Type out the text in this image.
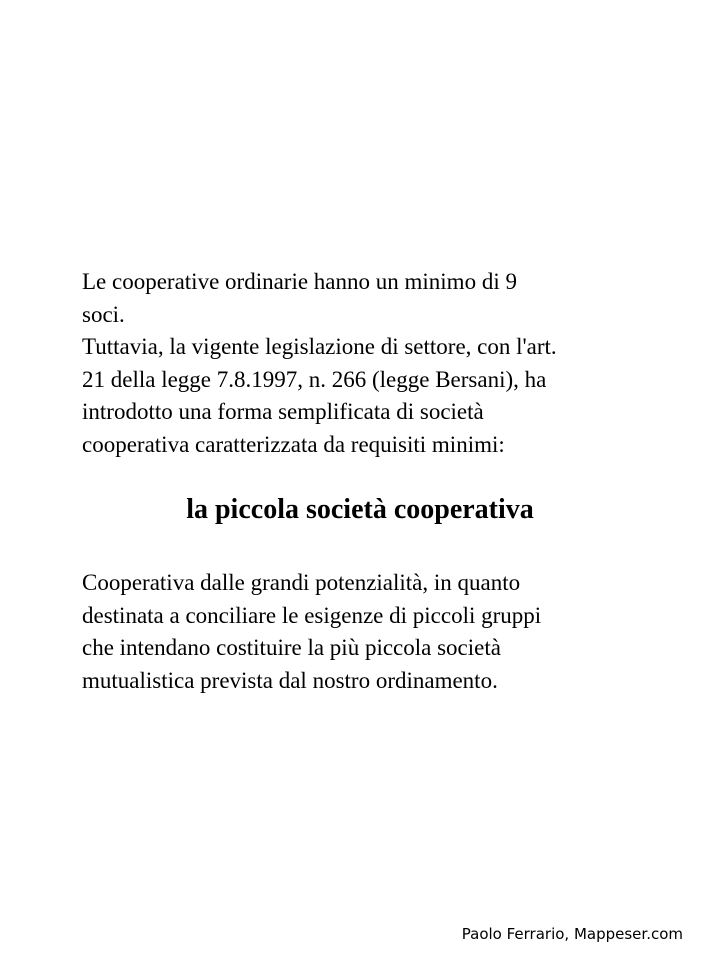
Le cooperative ordinarie hanno un minimo di 9
soci.
Tuttavia, la vigente legislazione di settore, con l'art.
21 della legge 7.8.1997, n. 266 (legge Bersani), ha
introdotto una forma semplificata di società
cooperativa caratterizzata da requisiti minimi:

la piccola società cooperativa

Cooperativa dalle grandi potenzialità, in quanto
destinata a conciliare le esigenze di piccoli gruppi
che intendano costituire la più piccola società
mutualistica prevista dal nostro ordinamento.

Paolo Ferrario, Mappeser.com
